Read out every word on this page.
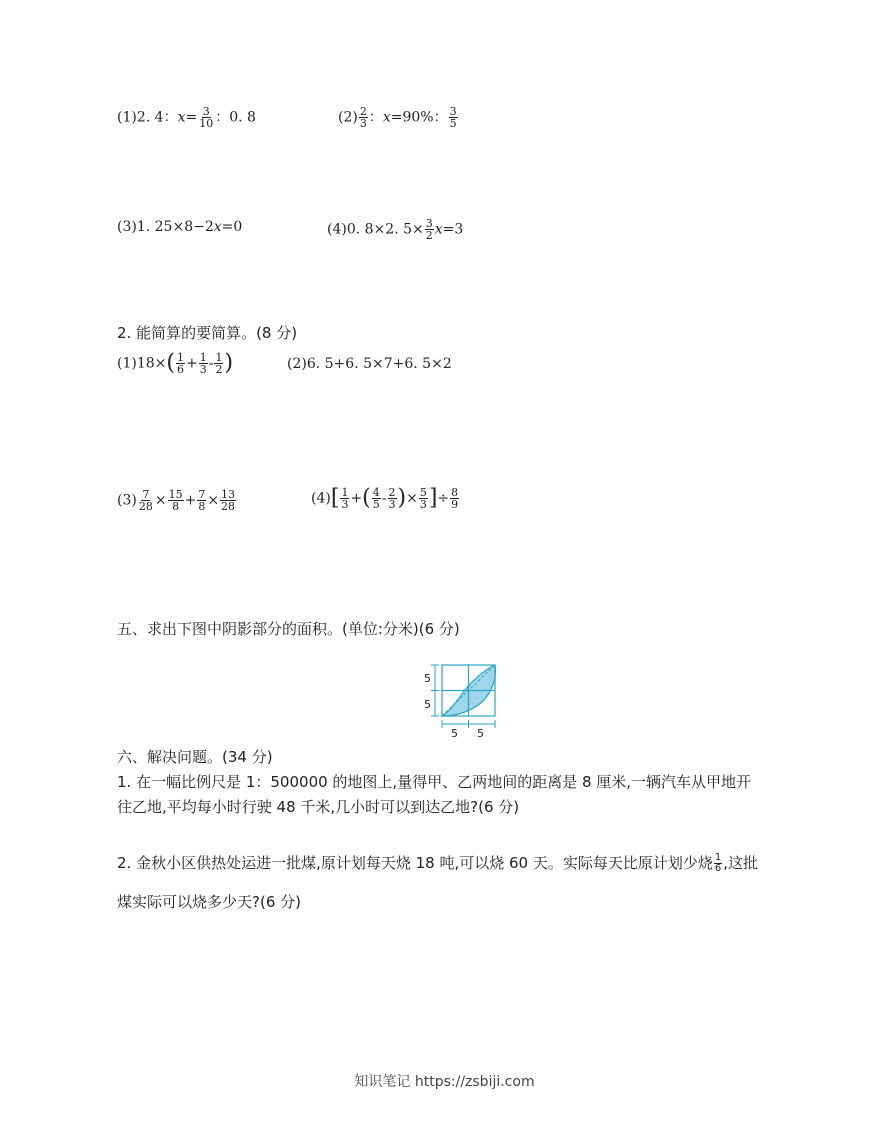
(1)2. 4：$x= \frac{3}{10}$ ：0. 8	$(2) \frac{2}{3}$ ：x=90%： $\frac{3}{5}$
(3)1. 25×8−2x=0	(4)0. 8×2. $5\times \frac{3}{2} x=3$
2. 能简算的要简算。(8 分)
$(1)18\times( \frac{1}{6} + \frac{1}{3} - \frac{1}{2}$ )	(2)6. 5+6. 5×7+6. 5×2
$(3) \frac{7}{28} \times \frac{15}{8} + \frac{7}{8} \times \frac{13}{28}$	$(4)[ \frac{1}{3}$ +( $\frac{4}{5} - \frac{2}{3}$ )× $\frac{5}{3}$ ]÷ $\frac{8}{9}$
五、求出下图中阴影部分的面积。(单位:分米)(6 分)
5
5
5 5
六、解决问题。(34 分)
1. 在一幅比例尺是 1：500000 的地图上,量得甲、乙两地间的距离是 8 厘米,一辆汽车从甲地开
往乙地,平均每小时行驶 48 千米,几小时可以到达乙地?(6 分)
2. 金秋小区供热处运进一批煤,原计划每天烧 18 吨,可以烧 60 天。实际每天比原计划少烧 $\frac{1}{6}$ ,这批
煤实际可以烧多少天?(6 分)
知识笔记 https://zsbiji.com
